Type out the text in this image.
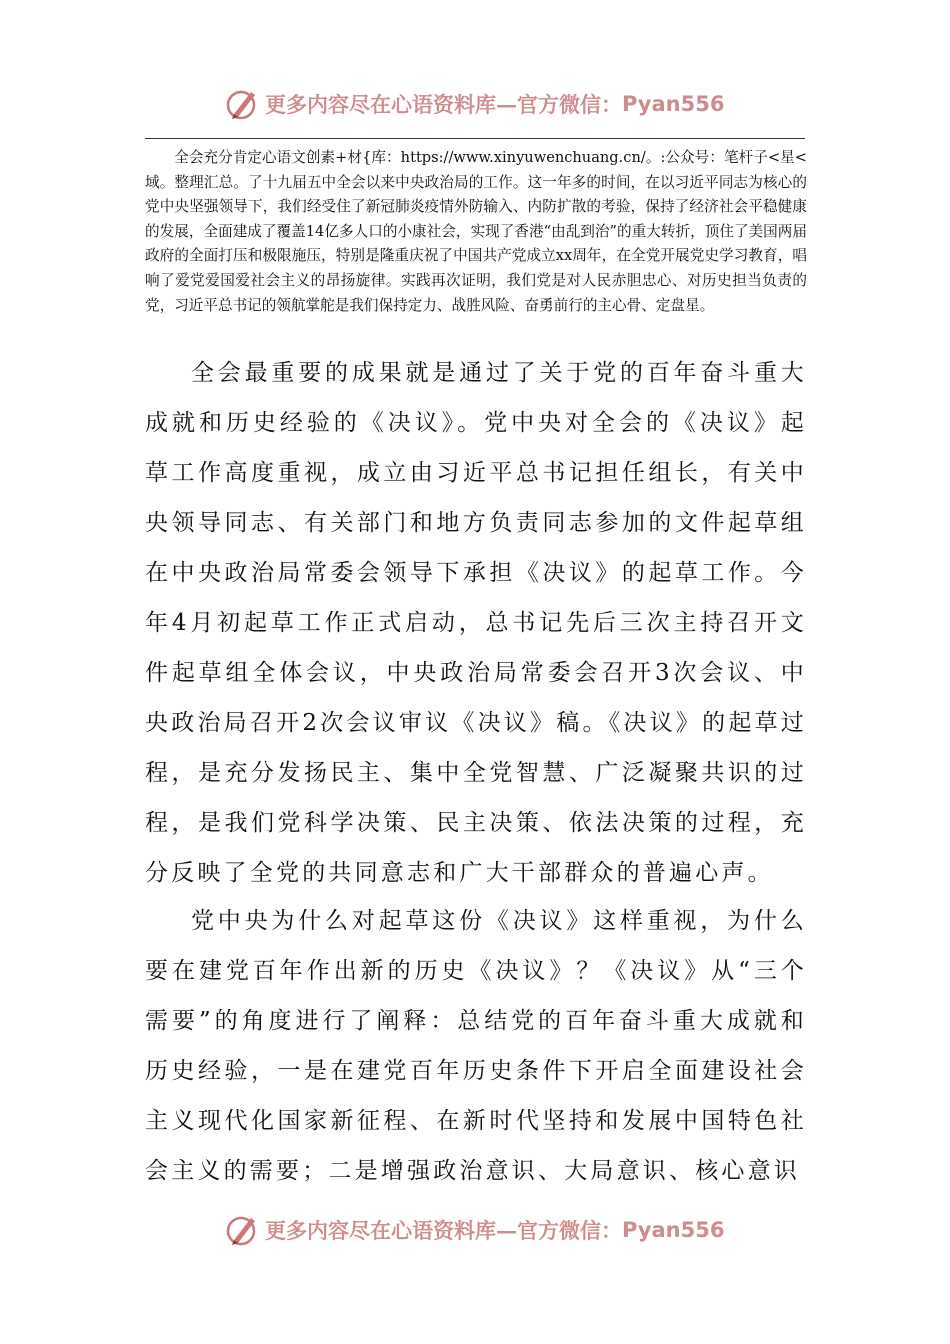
更多内容尽在心语资料库—官方微信： Pyan556

全会充分肯定心语文创素+材{库：https://www.xinyuwenchuang.cn/。:公众号：笔杆子<星<域。整理汇总。了十九届五中全会以来中央政治局的工作。这一年多的时间，在以习近平同志为核心的党中央坚强领导下，我们经受住了新冠肺炎疫情外防输入、内防扩散的考验，保持了经济社会平稳健康的发展，全面建成了覆盖14亿多人口的小康社会，实现了香港“由乱到治”的重大转折，顶住了美国两届政府的全面打压和极限施压，特别是隆重庆祝了中国共产党成立xx周年，在全党开展党史学习教育，唱响了爱党爱国爱社会主义的昂扬旋律。实践再次证明，我们党是对人民赤胆忠心、对历史担当负责的党，习近平总书记的领航掌舵是我们保持定力、战胜风险、奋勇前行的主心骨、定盘星。

全会最重要的成果就是通过了关于党的百年奋斗重大成就和历史经验的《决议》。党中央对全会的《决议》起草工作高度重视，成立由习近平总书记担任组长，有关中央领导同志、有关部门和地方负责同志参加的文件起草组在中央政治局常委会领导下承担《决议》的起草工作。今年4月初起草工作正式启动，总书记先后三次主持召开文件起草组全体会议，中央政治局常委会召开3次会议、中央政治局召开2次会议审议《决议》稿。《决议》的起草过程，是充分发扬民主、集中全党智慧、广泛凝聚共识的过程，是我们党科学决策、民主决策、依法决策的过程，充分反映了全党的共同意志和广大干部群众的普遍心声。

党中央为什么对起草这份《决议》这样重视，为什么要在建党百年作出新的历史《决议》？《决议》从“三个需要”的角度进行了阐释：总结党的百年奋斗重大成就和历史经验，一是在建党百年历史条件下开启全面建设社会主义现代化国家新征程、在新时代坚持和发展中国特色社会主义的需要；二是增强政治意识、大局意识、核心意识

更多内容尽在心语资料库—官方微信： Pyan556
